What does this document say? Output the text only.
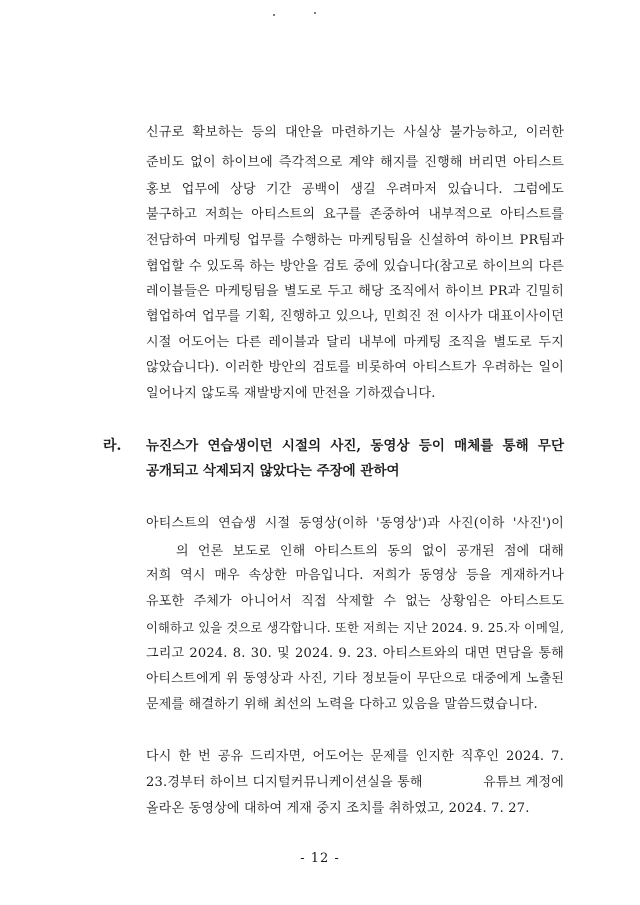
신규로 확보하는 등의 대안을 마련하기는 사실상 불가능하고, 이러한
준비도 없이 하이브에 즉각적으로 계약 해지를 진행해 버리면 아티스트
홍보 업무에 상당 기간 공백이 생길 우려마저 있습니다. 그럼에도
불구하고 저희는 아티스트의 요구를 존중하여 내부적으로 아티스트를
전담하여 마케팅 업무를 수행하는 마케팅팀을 신설하여 하이브 PR팀과
협업할 수 있도록 하는 방안을 검토 중에 있습니다(참고로 하이브의 다른
레이블들은 마케팅팀을 별도로 두고 해당 조직에서 하이브 PR과 긴밀히
협업하여 업무를 기획, 진행하고 있으나, 민희진 전 이사가 대표이사이던
시절 어도어는 다른 레이블과 달리 내부에 마케팅 조직을 별도로 두지
않았습니다). 이러한 방안의 검토를 비롯하여 아티스트가 우려하는 일이
일어나지 않도록 재발방지에 만전을 기하겠습니다.
라. 뉴진스가 연습생이던 시절의 사진, 동영상 등이 매체를 통해 무단
공개되고 삭제되지 않았다는 주장에 관하여
아티스트의 연습생 시절 동영상(이하 '동영상')과 사진(이하 '사진')이
의 언론 보도로 인해 아티스트의 동의 없이 공개된 점에 대해
저희 역시 매우 속상한 마음입니다. 저희가 동영상 등을 게재하거나
유포한 주체가 아니어서 직접 삭제할 수 없는 상황임은 아티스트도
이해하고 있을 것으로 생각합니다. 또한 저희는 지난 2024. 9. 25.자 이메일,
그리고 2024. 8. 30. 및 2024. 9. 23. 아티스트와의 대면 면담을 통해
아티스트에게 위 동영상과 사진, 기타 정보들이 무단으로 대중에게 노출된
문제를 해결하기 위해 최선의 노력을 다하고 있음을 말씀드렸습니다.
다시 한 번 공유 드리자면, 어도어는 문제를 인지한 직후인 2024. 7.
23.경부터 하이브 디지털커뮤니케이션실을 통해	유튜브 계정에
올라온 동영상에 대하여 게재 중지 조치를 취하였고, 2024. 7. 27.
- 12 -
